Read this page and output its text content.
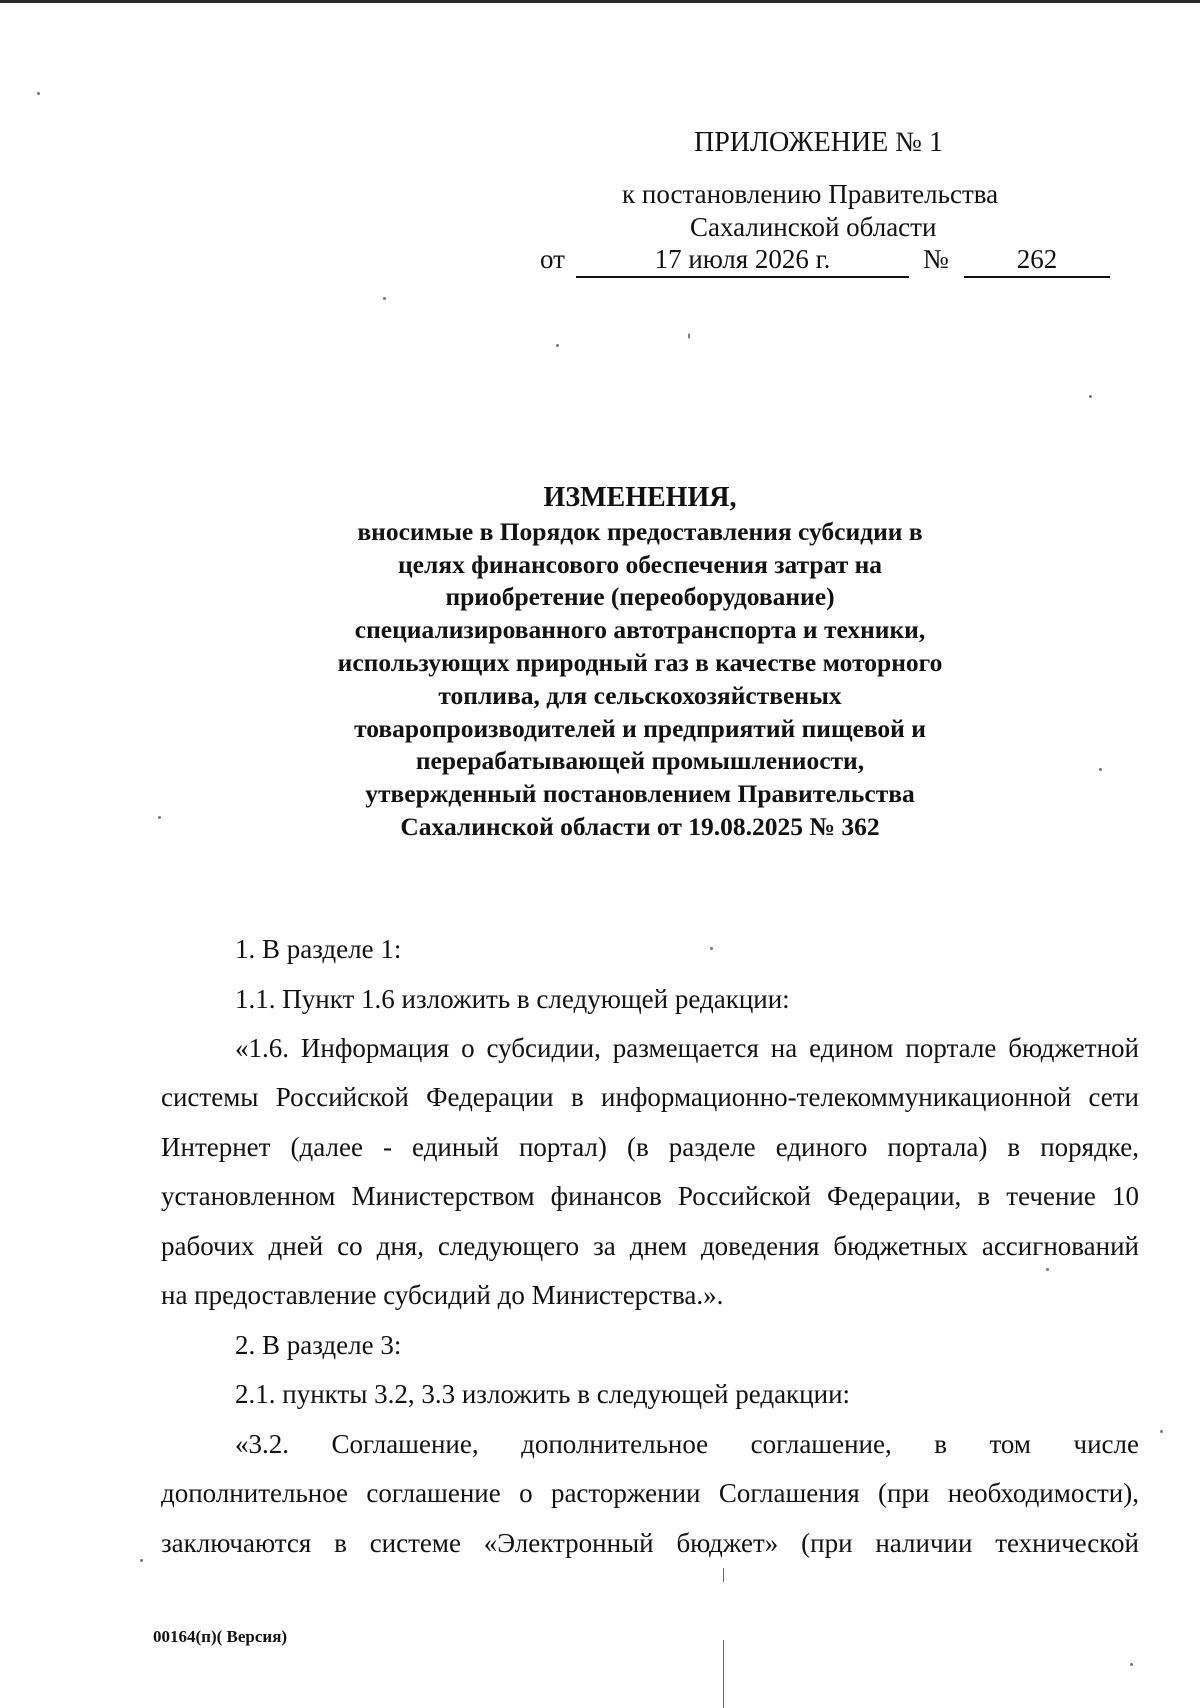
ПРИЛОЖЕНИЕ № 1
к постановлению Правительства
Сахалинской области
от	17 июля 2026 г.	№	262
ИЗМЕНЕНИЯ,
вносимые в Порядок предоставления субсидии в
целях финансового обеспечения затрат на
приобретение (переоборудование)
специализированного автотранспорта и техники,
использующих природный газ в качестве моторного
топлива, для сельскохозяйственых
товаропроизводителей и предприятий пищевой и
перерабатывающей промышлениости,
утвержденный постановлением Правительства
Сахалинской области от 19.08.2025 № 362
1. В разделе 1:
1.1. Пункт 1.6 изложить в следующей редакции:
«1.6. Информация о субсидии, размещается на едином портале бюджетной
системы Российской Федерации в информационно-телекоммуникационной сети
Интернет (далее - единый портал) (в разделе единого портала) в порядке,
установленном Министерством финансов Российской Федерации, в течение 10
рабочих дней со дня, следующего за днем доведения бюджетных ассигнований
на предоставление субсидий до Министерства.».
2. В разделе 3:
2.1. пункты 3.2, 3.3 изложить в следующей редакции:
«3.2. Соглашение, дополнительное соглашение, в том числе
дополнительное соглашение о расторжении Соглашения (при необходимости),
заключаются в системе «Электронный бюджет» (при наличии технической
00164(п)( Версия)
